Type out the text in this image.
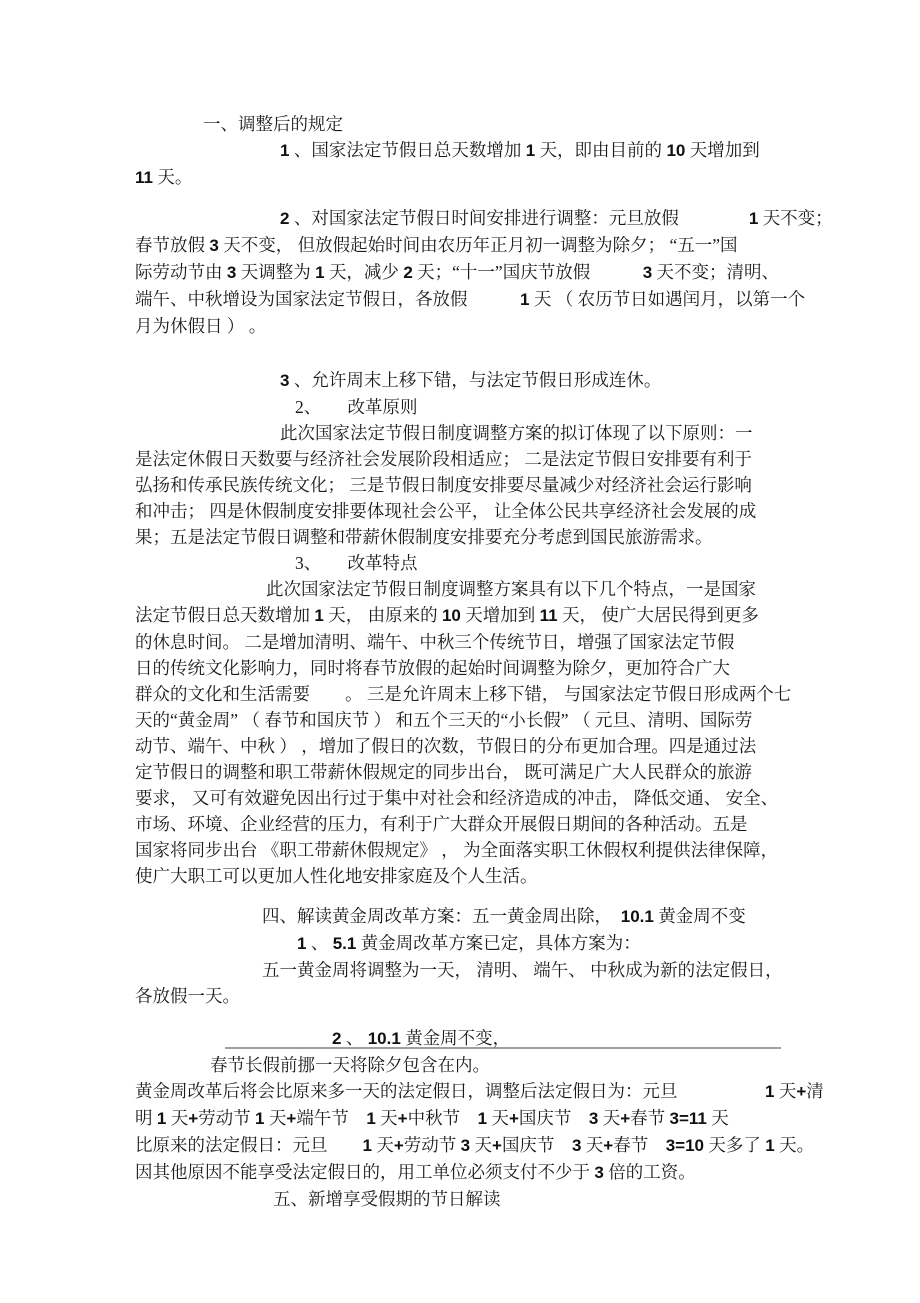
一、调整后的规定
1 、国家法定节假日总天数增加 1 天，即由目前的 10 天增加到
11 天。
2 、对国家法定节假日时间安排进行调整：元旦放假　　　　	1 天不变；
春节放假 3 天不变， 但放假起始时间由农历年正月初一调整为除夕； “五一”国
际劳动节由 3 天调整为 1 天，减少 2 天；“十一”国庆节放假　　　	3 天不变；清明、
端午、中秋增设为国家法定节假日，各放假　　　	1 天 （ 农历节日如遇闰月，以第一个
月为休假日 ） 。
3 、允许周末上移下错，与法定节假日形成连休。
2、　　改革原则
此次国家法定节假日制度调整方案的拟订体现了以下原则：一
是法定休假日天数要与经济社会发展阶段相适应； 二是法定节假日安排要有利于
弘扬和传承民族传统文化； 三是节假日制度安排要尽量减少对经济社会运行影响
和冲击； 四是休假制度安排要体现社会公平， 让全体公民共享经济社会发展的成
果；五是法定节假日调整和带薪休假制度安排要充分考虑到国民旅游需求。
3、　　改革特点
此次国家法定节假日制度调整方案具有以下几个特点，一是国家
法定节假日总天数增加 1 天， 由原来的 10 天增加到 11 天， 使广大居民得到更多
的休息时间。 二是增加清明、端午、中秋三个传统节日，增强了国家法定节假
日的传统文化影响力，同时将春节放假的起始时间调整为除夕，更加符合广大
群众的文化和生活需要　　 。 三是允许周末上移下错， 与国家法定节假日形成两个七
天的“黄金周” （ 春节和国庆节 ） 和五个三天的“小长假” （ 元旦、清明、国际劳
动节、端午、中秋 ） ，增加了假日的次数，节假日的分布更加合理。四是通过法
定节假日的调整和职工带薪休假规定的同步出台， 既可满足广大人民群众的旅游
要求， 又可有效避免因出行过于集中对社会和经济造成的冲击， 降低交通、 安全、
市场、环境、企业经营的压力，有利于广大群众开展假日期间的各种活动。五是
国家将同步出台 《职工带薪休假规定》 ， 为全面落实职工休假权利提供法律保障，
使广大职工可以更加人性化地安排家庭及个人生活。
四、解读黄金周改革方案：五一黄金周出除，　10.1 黄金周不变
1 、 5.1 黄金周改革方案已定，具体方案为：
五一黄金周将调整为一天， 清明、 端午、 中秋成为新的法定假日，
各放假一天。
2 、 10.1 黄金周不变，
春节长假前挪一天将除夕包含在内。
黄金周改革后将会比原来多一天的法定假日，调整后法定假日为：元旦　　　　　	1 天+清
明 1 天+劳动节 1 天+端午节　1 天+中秋节　1 天+国庆节　3 天+春节 3=11 天
比原来的法定假日：元旦　　 1 天+劳动节 3 天+国庆节　3 天+春节　3=10 天多了 1 天。
因其他原因不能享受法定假日的，用工单位必须支付不少于 3 倍的工资。
五、新增享受假期的节日解读
